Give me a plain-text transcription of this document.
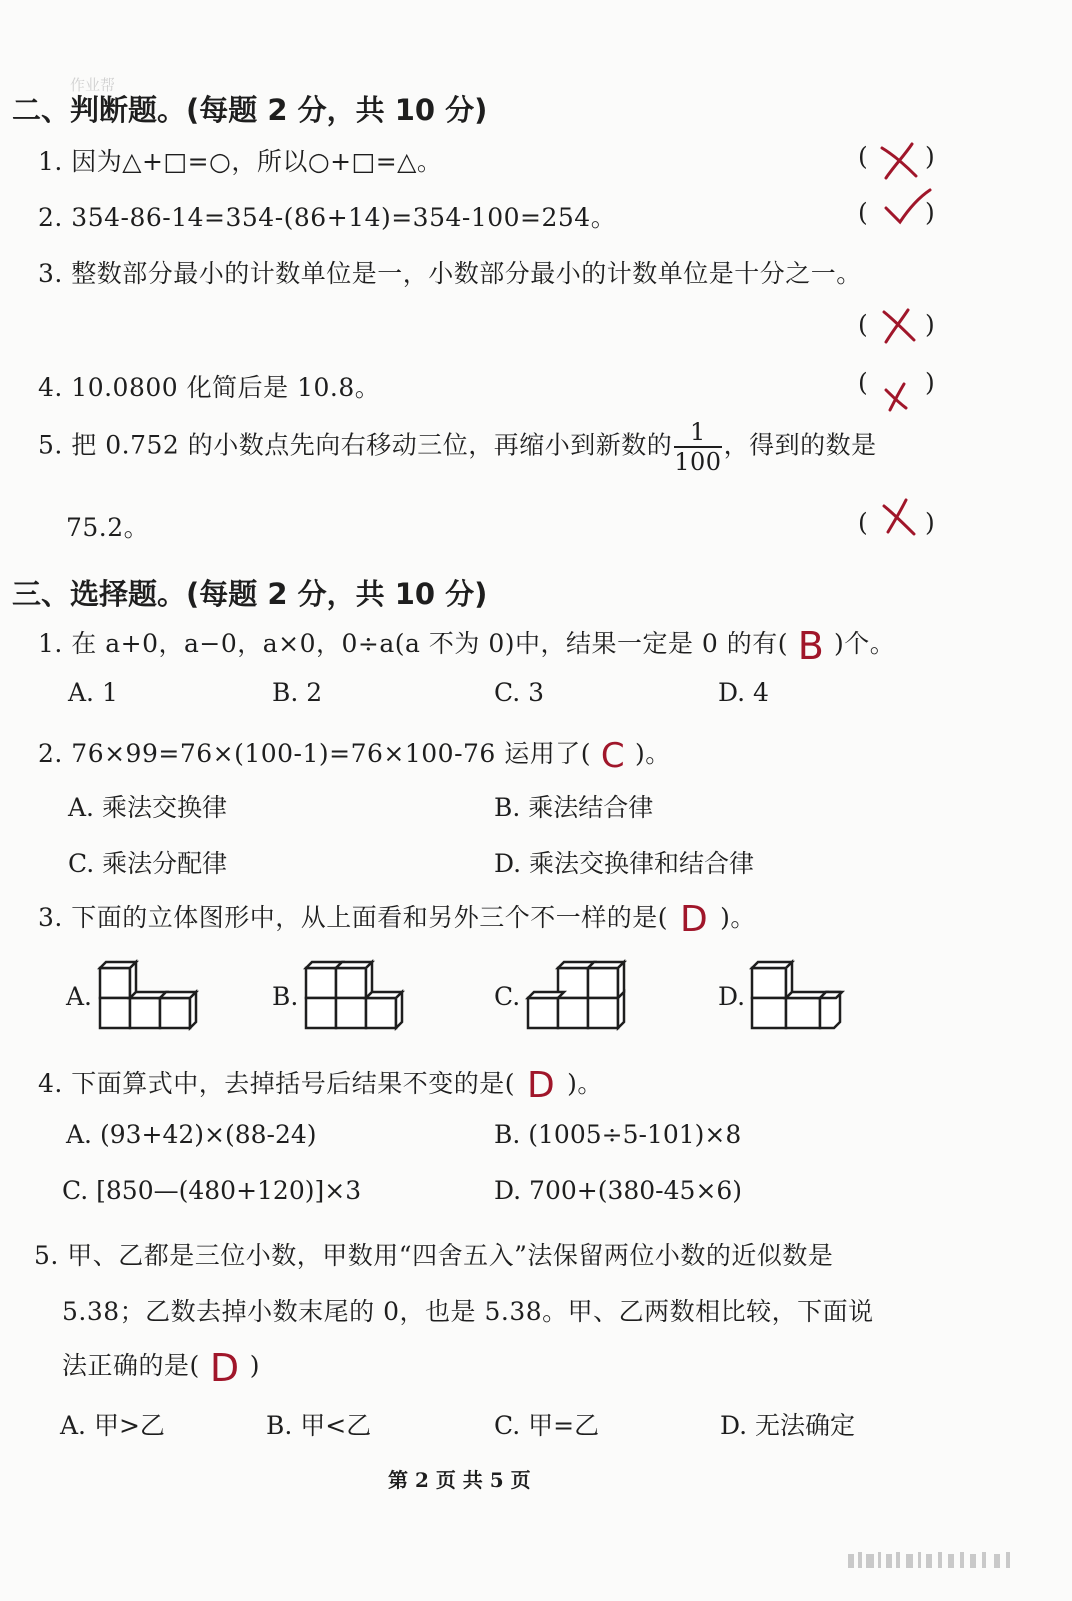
作业帮
二、判断题。(每题 2 分，共 10 分)
1. 因为△+□=○，所以○+□=△。	( )
2. 354-86-14=354-(86+14)=354-100=254。	( )
3. 整数部分最小的计数单位是一，小数部分最小的计数单位是十分之一。
( )
4. 10.0800 化简后是 10.8。	( )
5. 把 0.752 的小数点先向右移动三位，再缩小到新数的 $\frac{1}{100}$ ，得到的数是
75.2。	( )
三、选择题。(每题 2 分，共 10 分)
1. 在 a+0，a−0，a×0，0÷a(a 不为 0)中，结果一定是 0 的有( B )个。
A. 1	B. 2	C. 3	D. 4
2. 76×99=76×(100-1)=76×100-76 运用了( C )。
A. 乘法交换律	B. 乘法结合律
C. 乘法分配律	D. 乘法交换律和结合律
3. 下面的立体图形中，从上面看和另外三个不一样的是( D )。
A.	B.	C.	D.
4. 下面算式中，去掉括号后结果不变的是( D )。
A. (93+42)×(88-24)	B. (1005÷5-101)×8
C. [850—(480+120)]×3	D. 700+(380-45×6)
5. 甲、乙都是三位小数，甲数用“四舍五入”法保留两位小数的近似数是
5.38；乙数去掉小数末尾的 0，也是 5.38。甲、乙两数相比较，下面说
法正确的是( D )
A. 甲>乙	B. 甲<乙	C. 甲=乙	D. 无法确定
第 2 页 共 5 页
